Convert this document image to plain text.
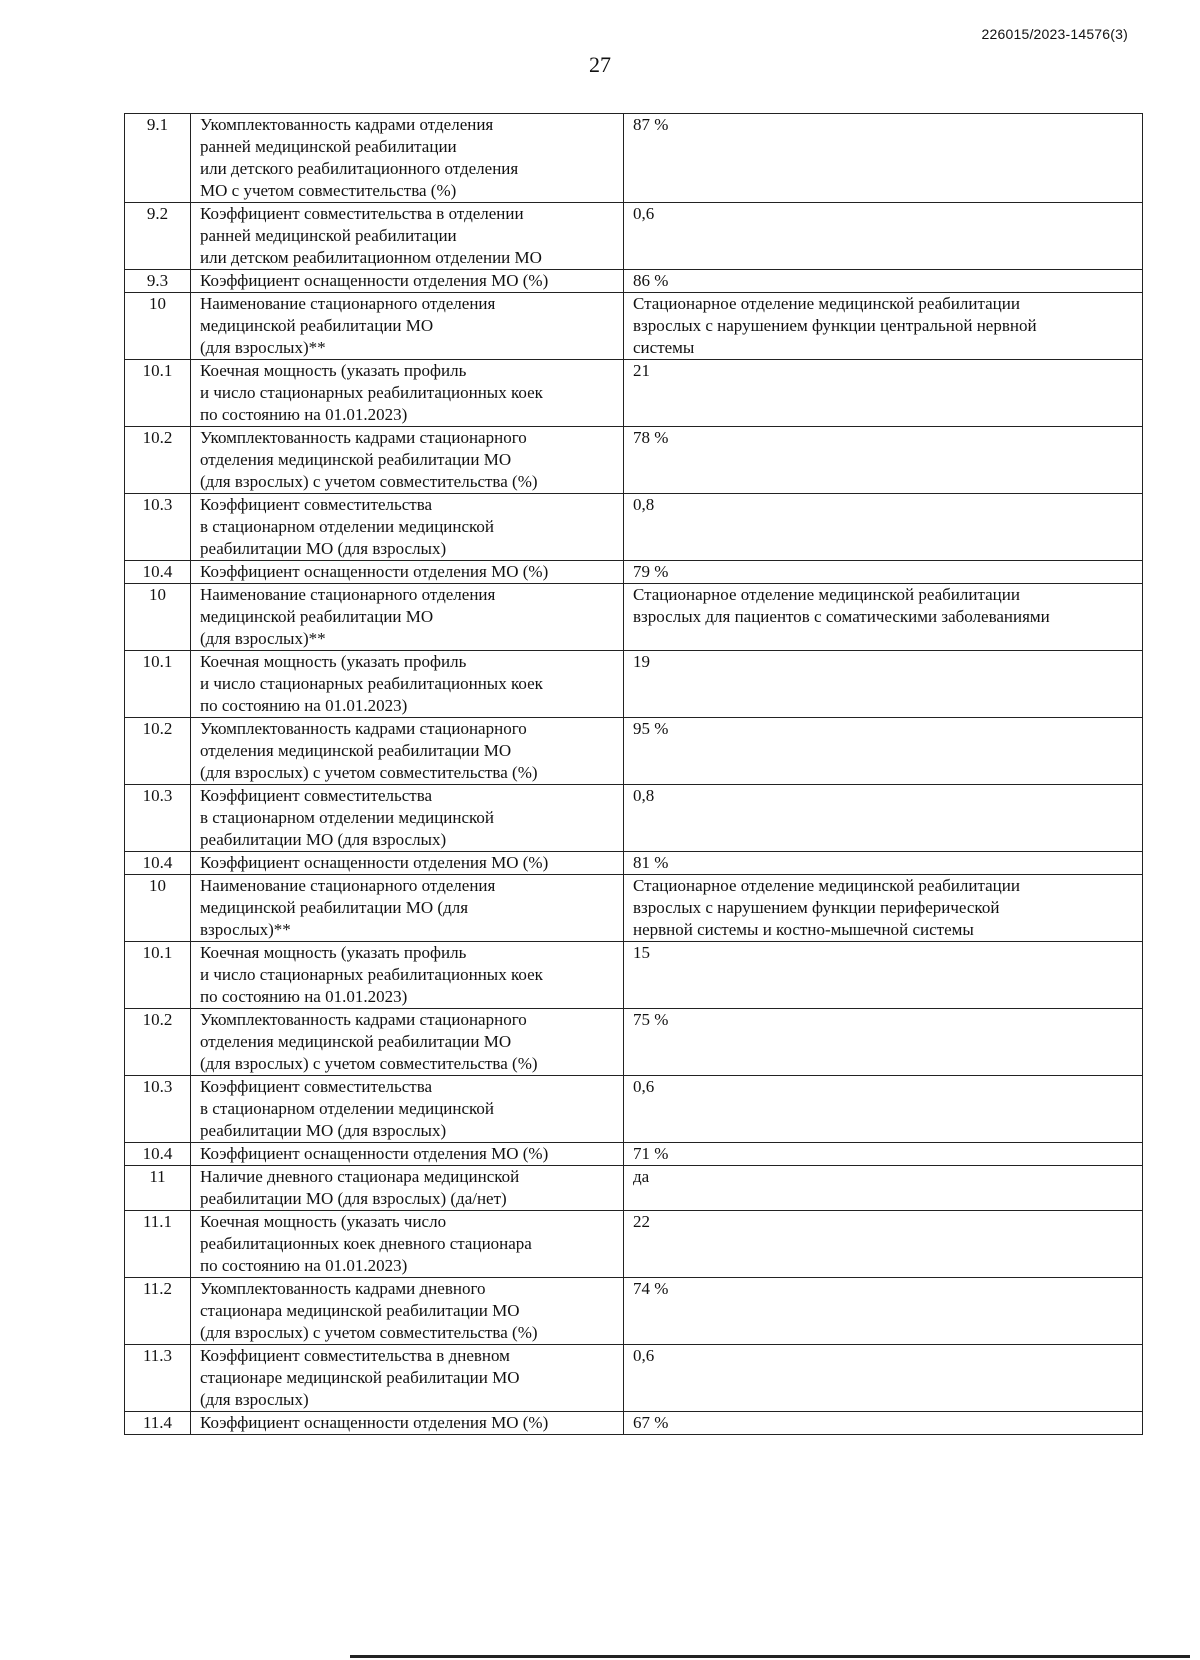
226015/2023-14576(3)
27
9.1	Укомплектованность кадрами отделения
ранней медицинской реабилитации
или детского реабилитационного отделения
МО с учетом совместительства (%)	87 %
9.2	Коэффициент совместительства в отделении
ранней медицинской реабилитации
или детском реабилитационном отделении МО	0,6
9.3	Коэффициент оснащенности отделения МО (%)	86 %
10	Наименование стационарного отделения
медицинской реабилитации МО
(для взрослых)**	Стационарное отделение медицинской реабилитации
взрослых с нарушением функции центральной нервной
системы
10.1	Коечная мощность (указать профиль
и число стационарных реабилитационных коек
по состоянию на 01.01.2023)	21
10.2	Укомплектованность кадрами стационарного
отделения медицинской реабилитации МО
(для взрослых) с учетом совместительства (%)	78 %
10.3	Коэффициент совместительства
в стационарном отделении медицинской
реабилитации МО (для взрослых)	0,8
10.4	Коэффициент оснащенности отделения МО (%)	79 %
10	Наименование стационарного отделения
медицинской реабилитации МО
(для взрослых)**	Стационарное отделение медицинской реабилитации
взрослых для пациентов с соматическими заболеваниями
10.1	Коечная мощность (указать профиль
и число стационарных реабилитационных коек
по состоянию на 01.01.2023)	19
10.2	Укомплектованность кадрами стационарного
отделения медицинской реабилитации МО
(для взрослых) с учетом совместительства (%)	95 %
10.3	Коэффициент совместительства
в стационарном отделении медицинской
реабилитации МО (для взрослых)	0,8
10.4	Коэффициент оснащенности отделения МО (%)	81 %
10	Наименование стационарного отделения
медицинской реабилитации МО (для
взрослых)**	Стационарное отделение медицинской реабилитации
взрослых с нарушением функции периферической
нервной системы и костно-мышечной системы
10.1	Коечная мощность (указать профиль
и число стационарных реабилитационных коек
по состоянию на 01.01.2023)	15
10.2	Укомплектованность кадрами стационарного
отделения медицинской реабилитации МО
(для взрослых) с учетом совместительства (%)	75 %
10.3	Коэффициент совместительства
в стационарном отделении медицинской
реабилитации МО (для взрослых)	0,6
10.4	Коэффициент оснащенности отделения МО (%)	71 %
11	Наличие дневного стационара медицинской
реабилитации МО (для взрослых) (да/нет)	да
11.1	Коечная мощность (указать число
реабилитационных коек дневного стационара
по состоянию на 01.01.2023)	22
11.2	Укомплектованность кадрами дневного
стационара медицинской реабилитации МО
(для взрослых) с учетом совместительства (%)	74 %
11.3	Коэффициент совместительства в дневном
стационаре медицинской реабилитации МО
(для взрослых)	0,6
11.4	Коэффициент оснащенности отделения МО (%)	67 %
